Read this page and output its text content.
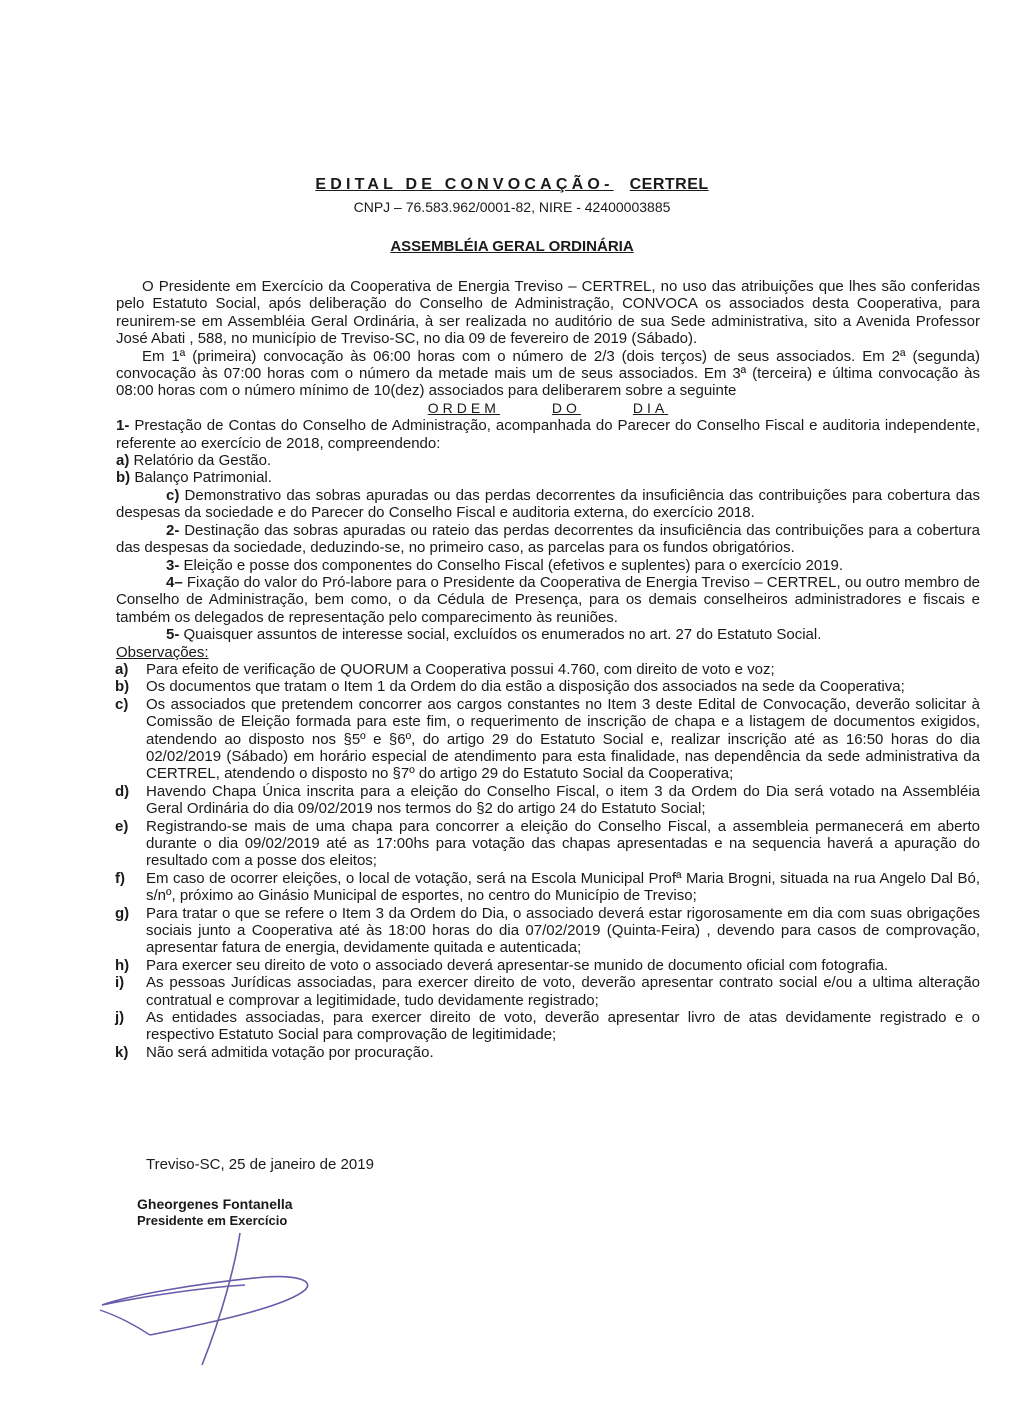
EDITAL DE CONVOCAÇÃO- CERTREL
CNPJ – 76.583.962/0001-82, NIRE - 42400003885
ASSEMBLÉIA GERAL ORDINÁRIA

O Presidente em Exercício da Cooperativa de Energia Treviso – CERTREL, no uso das atribuições que lhes são conferidas pelo Estatuto Social, após deliberação do Conselho de Administração, CONVOCA os associados desta Cooperativa, para reunirem-se em Assembléia Geral Ordinária, à ser realizada no auditório de sua Sede administrativa, sito a Avenida Professor José Abati , 588, no município de Treviso-SC, no dia 09 de fevereiro de 2019 (Sábado).

Em 1ª (primeira) convocação às 06:00 horas com o número de 2/3 (dois terços) de seus associados. Em 2ª (segunda) convocação às 07:00 horas com o número da metade mais um de seus associados. Em 3ª (terceira) e última convocação às 08:00 horas com o número mínimo de 10(dez) associados para deliberarem sobre a seguinte

ORDEM	DO	DIA

1- Prestação de Contas do Conselho de Administração, acompanhada do Parecer do Conselho Fiscal e auditoria independente, referente ao exercício de 2018, compreendendo:

a) Relatório da Gestão.

b) Balanço Patrimonial.

c) Demonstrativo das sobras apuradas ou das perdas decorrentes da insuficiência das contribuições para cobertura das despesas da sociedade e do Parecer do Conselho Fiscal e auditoria externa, do exercício 2018.

2- Destinação das sobras apuradas ou rateio das perdas decorrentes da insuficiência das contribuições para a cobertura das despesas da sociedade, deduzindo-se, no primeiro caso, as parcelas para os fundos obrigatórios.

3- Eleição e posse dos componentes do Conselho Fiscal (efetivos e suplentes) para o exercício 2019.

4– Fixação do valor do Pró-labore para o Presidente da Cooperativa de Energia Treviso – CERTREL, ou outro membro de Conselho de Administração, bem como, o da Cédula de Presença, para os demais conselheiros administradores e fiscais e também os delegados de representação pelo comparecimento às reuniões.

5- Quaisquer assuntos de interesse social, excluídos os enumerados no art. 27 do Estatuto Social.

Observações:

a)	Para efeito de verificação de QUORUM a Cooperativa possui 4.760, com direito de voto e voz;
b)	Os documentos que tratam o Item 1 da Ordem do dia estão a disposição dos associados na sede da Cooperativa;
c)	Os associados que pretendem concorrer aos cargos constantes no Item 3 deste Edital de Convocação, deverão solicitar à Comissão de Eleição formada para este fim, o requerimento de inscrição de chapa e a listagem de documentos exigidos, atendendo ao disposto nos §5º e §6º, do artigo 29 do Estatuto Social e, realizar inscrição até as 16:50 horas do dia 02/02/2019 (Sábado) em horário especial de atendimento para esta finalidade, nas dependência da sede administrativa da CERTREL, atendendo o disposto no §7º do artigo 29 do Estatuto Social da Cooperativa;
d)	Havendo Chapa Única inscrita para a eleição do Conselho Fiscal, o item 3 da Ordem do Dia será votado na Assembléia Geral Ordinária do dia 09/02/2019 nos termos do §2 do artigo 24 do Estatuto Social;
e)	Registrando-se mais de uma chapa para concorrer a eleição do Conselho Fiscal, a assembleia permanecerá em aberto durante o dia 09/02/2019 até as 17:00hs para votação das chapas apresentadas e na sequencia haverá a apuração do resultado com a posse dos eleitos;
f)	Em caso de ocorrer eleições, o local de votação, será na Escola Municipal Profª Maria Brogni, situada na rua Angelo Dal Bó, s/nº, próximo ao Ginásio Municipal de esportes, no centro do Município de Treviso;
g)	Para tratar o que se refere o Item 3 da Ordem do Dia, o associado deverá estar rigorosamente em dia com suas obrigações sociais junto a Cooperativa até às 18:00 horas do dia 07/02/2019 (Quinta-Feira) , devendo para casos de comprovação, apresentar fatura de energia, devidamente quitada e autenticada;
h)	Para exercer seu direito de voto o associado deverá apresentar-se munido de documento oficial com fotografia.
i)	As pessoas Jurídicas associadas, para exercer direito de voto, deverão apresentar contrato social e/ou a ultima alteração contratual e comprovar a legitimidade, tudo devidamente registrado;
j)	As entidades associadas, para exercer direito de voto, deverão apresentar livro de atas devidamente registrado e o respectivo Estatuto Social para comprovação de legitimidade;
k)	Não será admitida votação por procuração.
Treviso-SC, 25 de janeiro de 2019
Gheorgenes Fontanella
Presidente em Exercício
